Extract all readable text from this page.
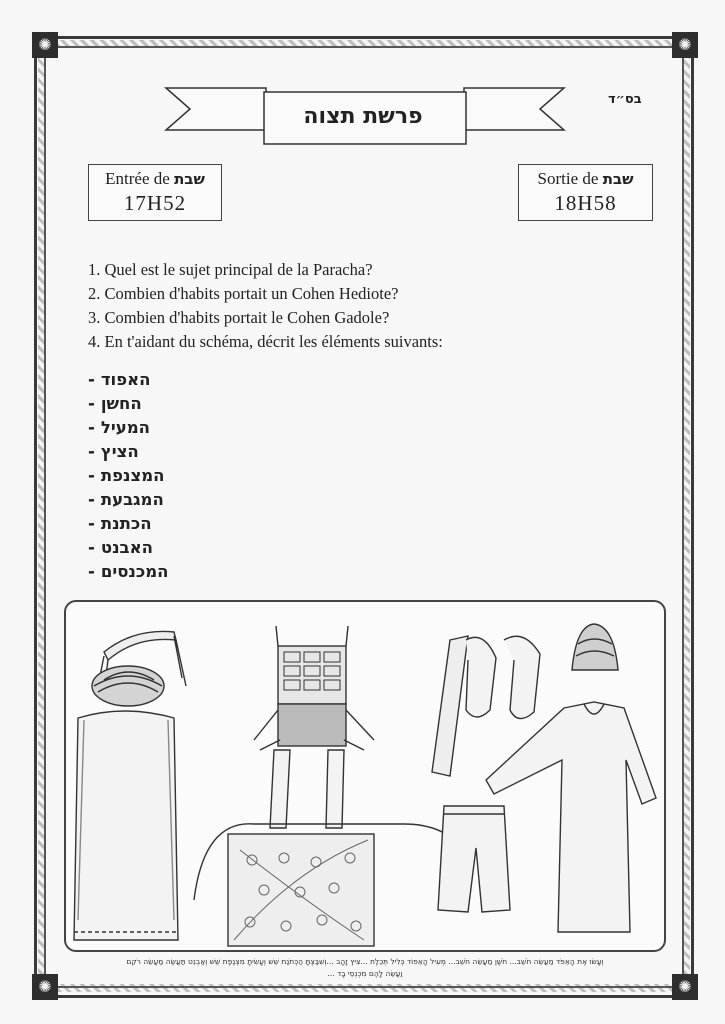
✺	✺
✺	✺
בס״ד
פרשת תצוה
Entrée de שבת
17H52
Sortie de שבת
18H58
1. Quel est le sujet principal de la Paracha?
2. Combien d'habits portait un Cohen Hediote?
3. Combien d'habits portait le Cohen Gadole?
4. En t'aidant du schéma, décrit les éléments suivants:
- האפוד
- החשן
- המעיל
- הציץ
- המצנפת
- המגבעת
- הכתנת
- האבנט
- המכנסים
וְעָשׂוּ אֶת הָאֵפֹד מַעֲשֵׂה חֹשֵׁב... חֹשֶׁן מַעֲשֵׂה חֹשֵׁב... מְעִיל הָאֵפוֹד כְּלִיל תְּכֵלֶת ...צִיץ זָהָב ...וְשִׁבַּצְתָּ הַכְּתֹנֶת שֵׁשׁ וְעָשִׂיתָ מִצְנֶפֶת שֵׁשׁ וְאַבְנֵט תַּעֲשֶׂה מַעֲשֵׂה רֹקֵם
... וַעֲשֵׂה לָהֶם מִכְנְסֵי בָד
